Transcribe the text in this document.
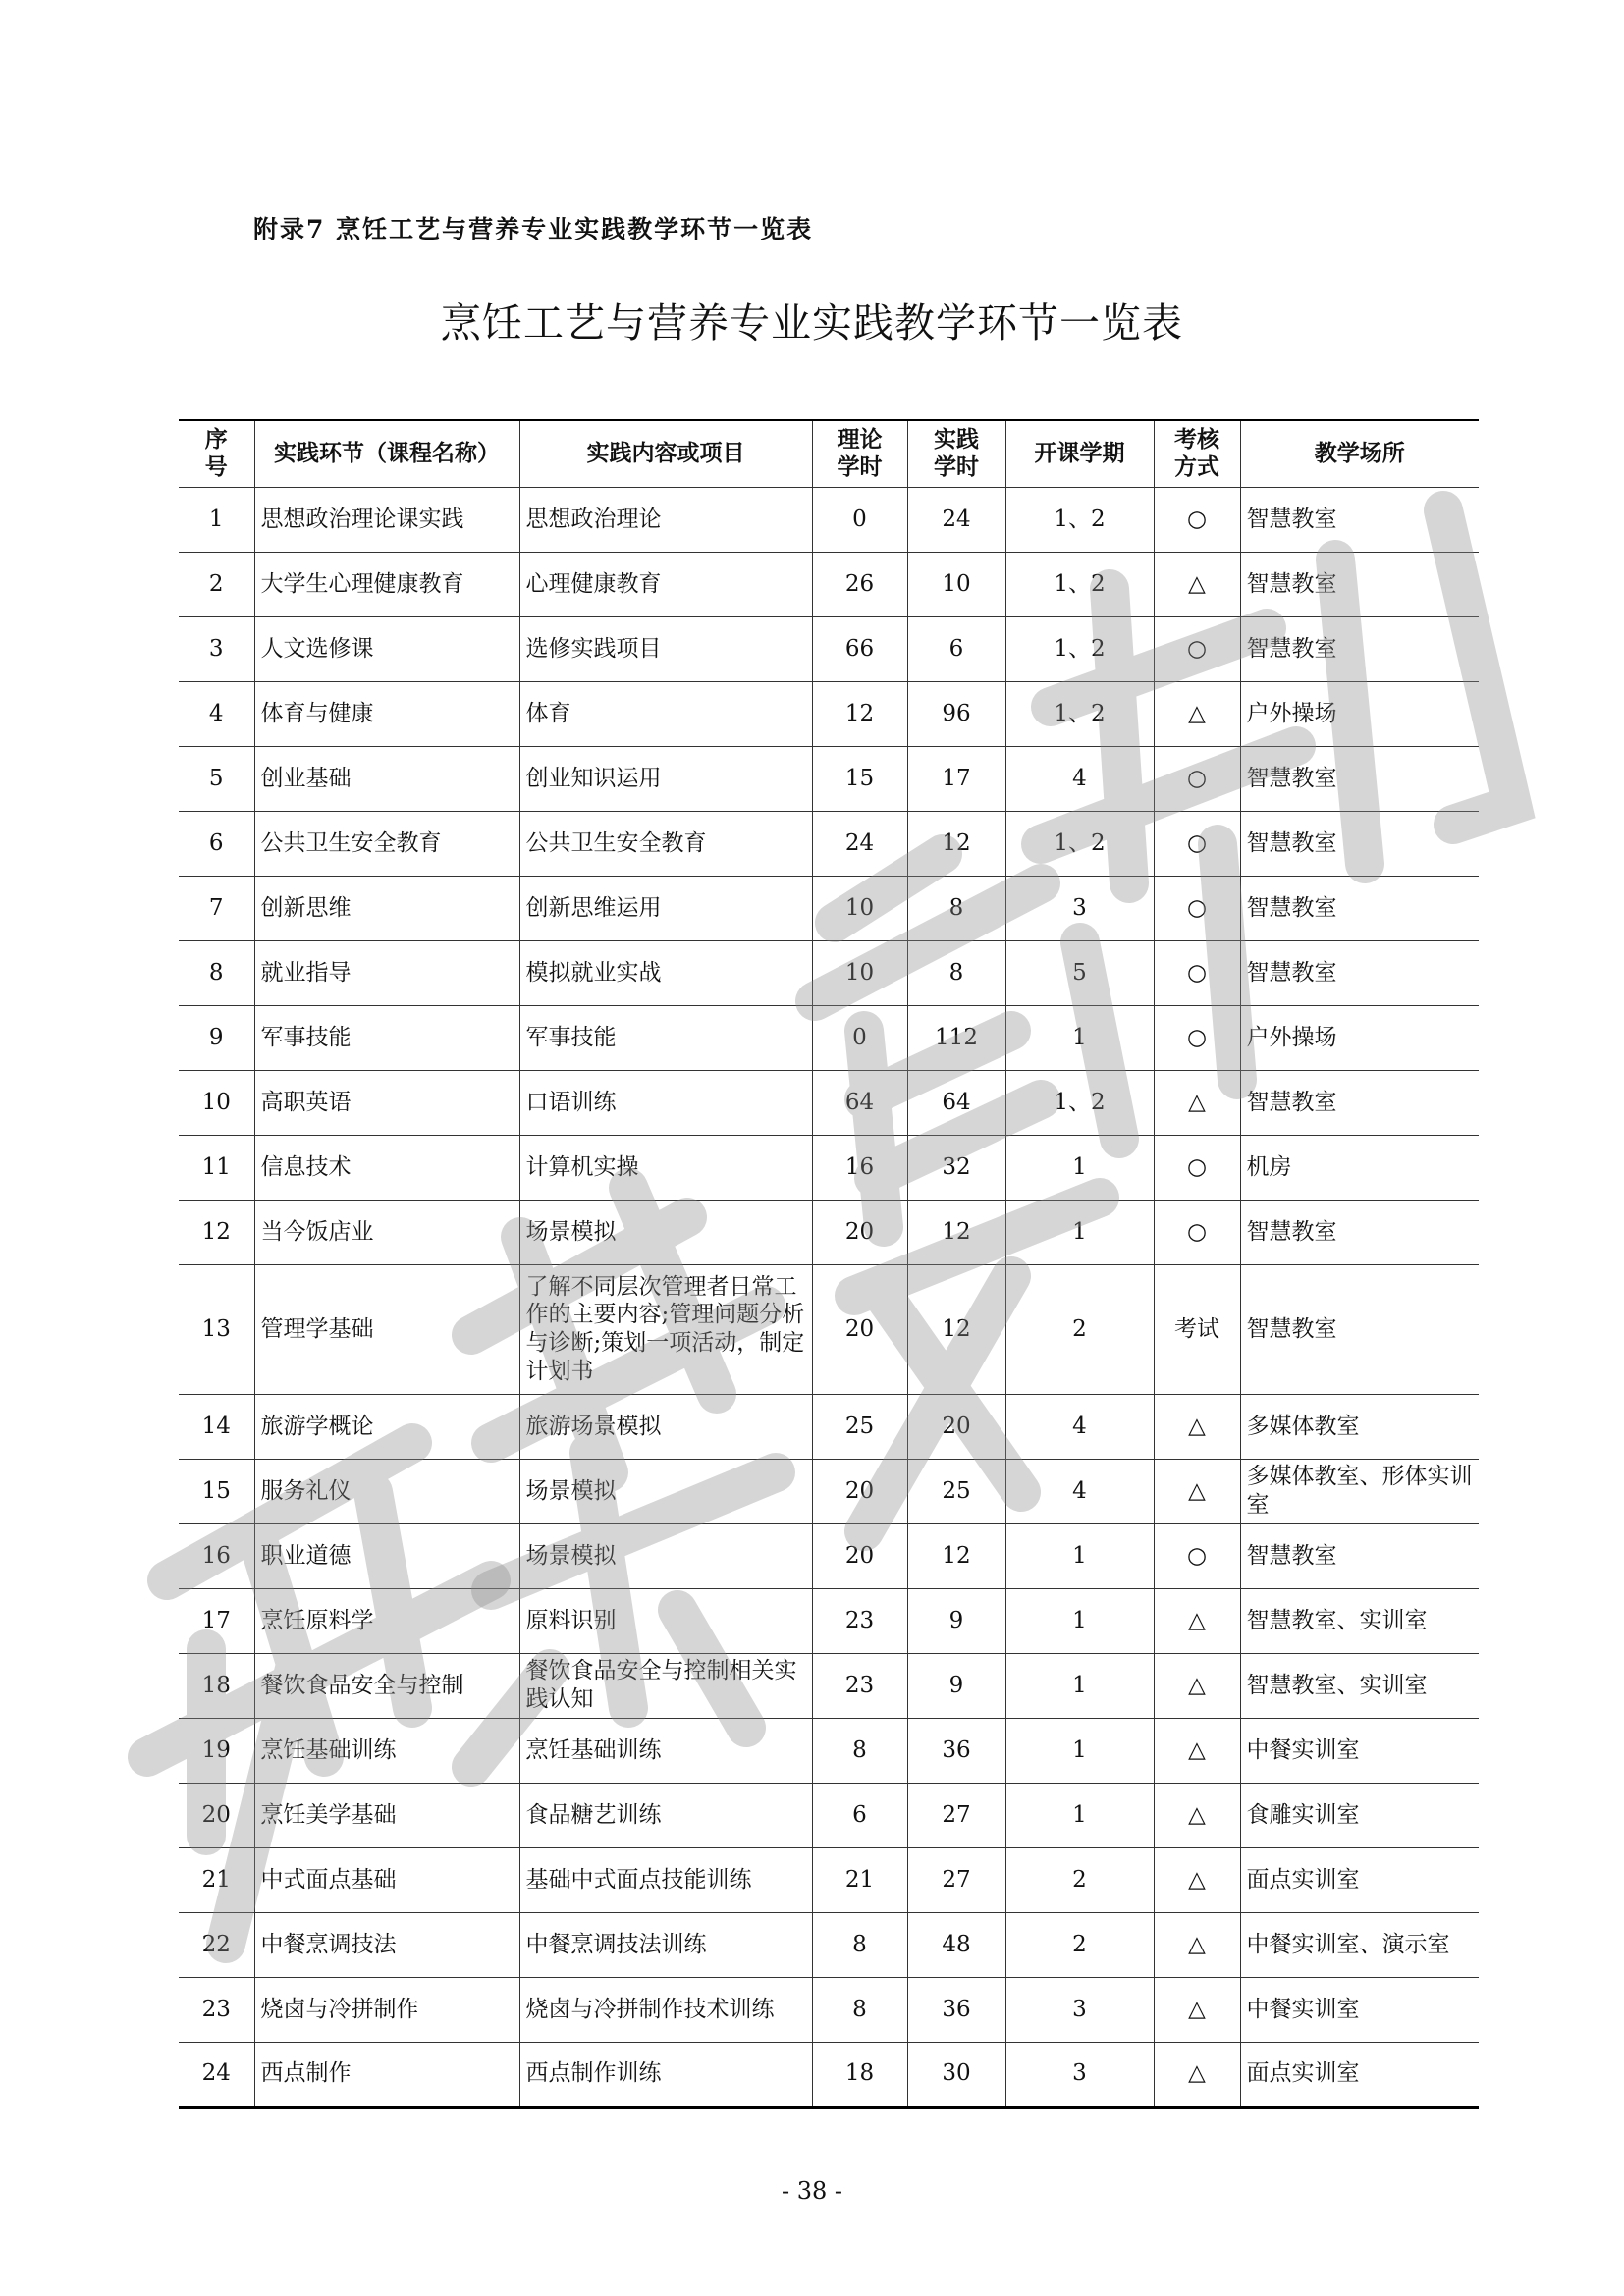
附录7 烹饪工艺与营养专业实践教学环节一览表
烹饪工艺与营养专业实践教学环节一览表
序号	实践环节（课程名称）	实践内容或项目	理论学时	实践学时	开课学期	考核方式	教学场所
1	思想政治理论课实践	思想政治理论	0	24	1、2	○	智慧教室
2	大学生心理健康教育	心理健康教育	26	10	1、2	△	智慧教室
3	人文选修课	选修实践项目	66	6	1、2	○	智慧教室
4	体育与健康	体育	12	96	1、2	△	户外操场
5	创业基础	创业知识运用	15	17	4	○	智慧教室
6	公共卫生安全教育	公共卫生安全教育	24	12	1、2	○	智慧教室
7	创新思维	创新思维运用	10	8	3	○	智慧教室
8	就业指导	模拟就业实战	10	8	5	○	智慧教室
9	军事技能	军事技能	0	112	1	○	户外操场
10	高职英语	口语训练	64	64	1、2	△	智慧教室
11	信息技术	计算机实操	16	32	1	○	机房
12	当今饭店业	场景模拟	20	12	1	○	智慧教室
13	管理学基础	了解不同层次管理者日常工作的主要内容;管理问题分析与诊断;策划一项活动，制定计划书	20	12	2	考试	智慧教室
14	旅游学概论	旅游场景模拟	25	20	4	△	多媒体教室
15	服务礼仪	场景模拟	20	25	4	△	多媒体教室、形体实训室
16	职业道德	场景模拟	20	12	1	○	智慧教室
17	烹饪原料学	原料识别	23	9	1	△	智慧教室、实训室
18	餐饮食品安全与控制	餐饮食品安全与控制相关实践认知	23	9	1	△	智慧教室、实训室
19	烹饪基础训练	烹饪基础训练	8	36	1	△	中餐实训室
20	烹饪美学基础	食品糖艺训练	6	27	1	△	食雕实训室
21	中式面点基础	基础中式面点技能训练	21	27	2	△	面点实训室
22	中餐烹调技法	中餐烹调技法训练	8	48	2	△	中餐实训室、演示室
23	烧卤与冷拼制作	烧卤与冷拼制作技术训练	8	36	3	△	中餐实训室
24	西点制作	西点制作训练	18	30	3	△	面点实训室
- 38 -
